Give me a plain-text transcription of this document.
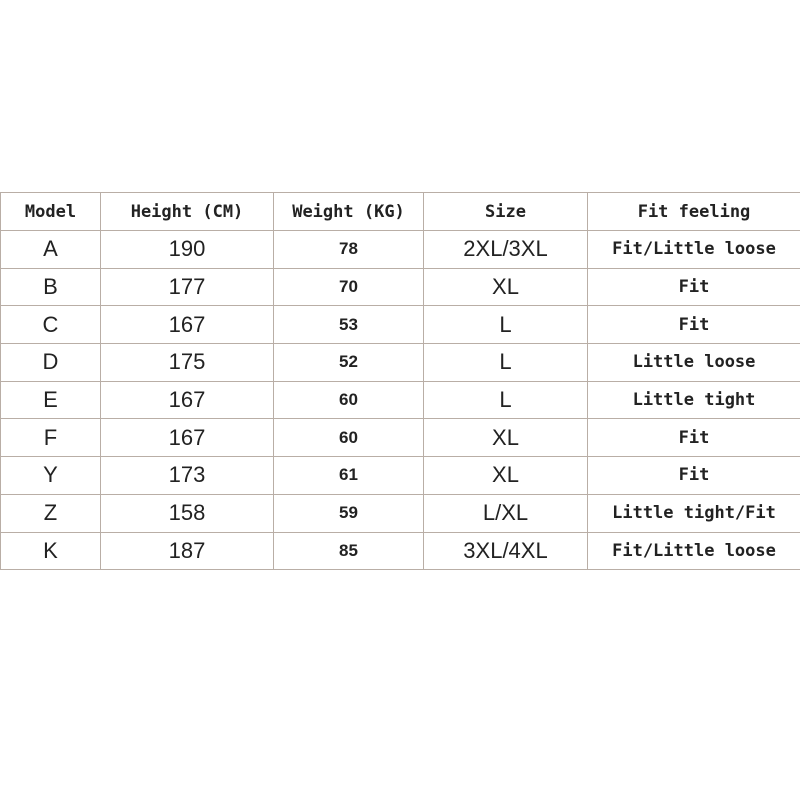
Model	Height (CM)	Weight (KG)	Size	Fit feeling
A	190	78	2XL/3XL	Fit/Little loose
B	177	70	XL	Fit
C	167	53	L	Fit
D	175	52	L	Little loose
E	167	60	L	Little tight
F	167	60	XL	Fit
Y	173	61	XL	Fit
Z	158	59	L/XL	Little tight/Fit
K	187	85	3XL/4XL	Fit/Little loose
